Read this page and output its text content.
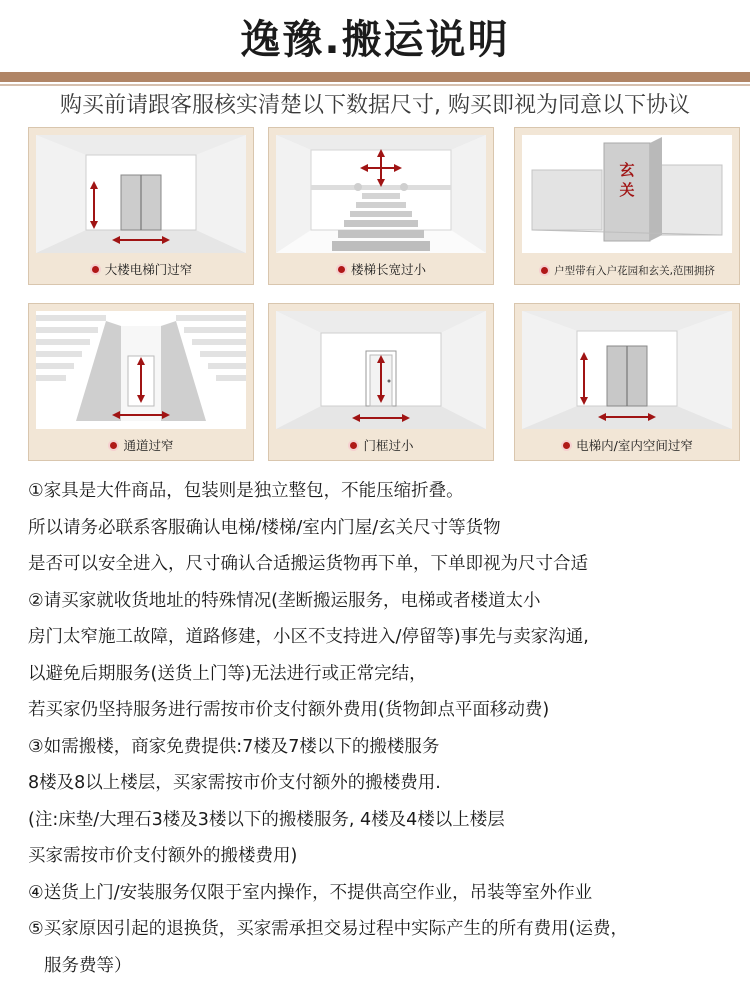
逸豫.搬运说明
购买前请跟客服核实清楚以下数据尺寸, 购买即视为同意以下协议
大楼电梯门过窄	楼梯长宽过小
玄
关
户型带有入户花园和玄关,范围拥挤
通道过窄	门框过小	电梯内/室内空间过窄

①家具是大件商品，包装则是独立整包，不能压缩折叠。

所以请务必联系客服确认电梯/楼梯/室内门屋/玄关尺寸等货物

是否可以安全进入，尺寸确认合适搬运货物再下单，下单即视为尺寸合适

②请买家就收货地址的特殊情况(垄断搬运服务，电梯或者楼道太小

房门太窄施工故障，道路修建，小区不支持进入/停留等)事先与卖家沟通,

以避免后期服务(送货上门等)无法进行或正常完结，

若买家仍坚持服务进行需按市价支付额外费用(货物卸点平面移动费)

③如需搬楼，商家免费提供:7楼及7楼以下的搬楼服务

8楼及8以上楼层，买家需按市价支付额外的搬楼费用.

(注:床垫/大理石3楼及3楼以下的搬楼服务, 4楼及4楼以上楼层

买家需按市价支付额外的搬楼费用)

④送货上门/安装服务仅限于室内操作，不提供高空作业，吊装等室外作业

⑤买家原因引起的退换货，买家需承担交易过程中实际产生的所有费用(运费，

服务费等）
